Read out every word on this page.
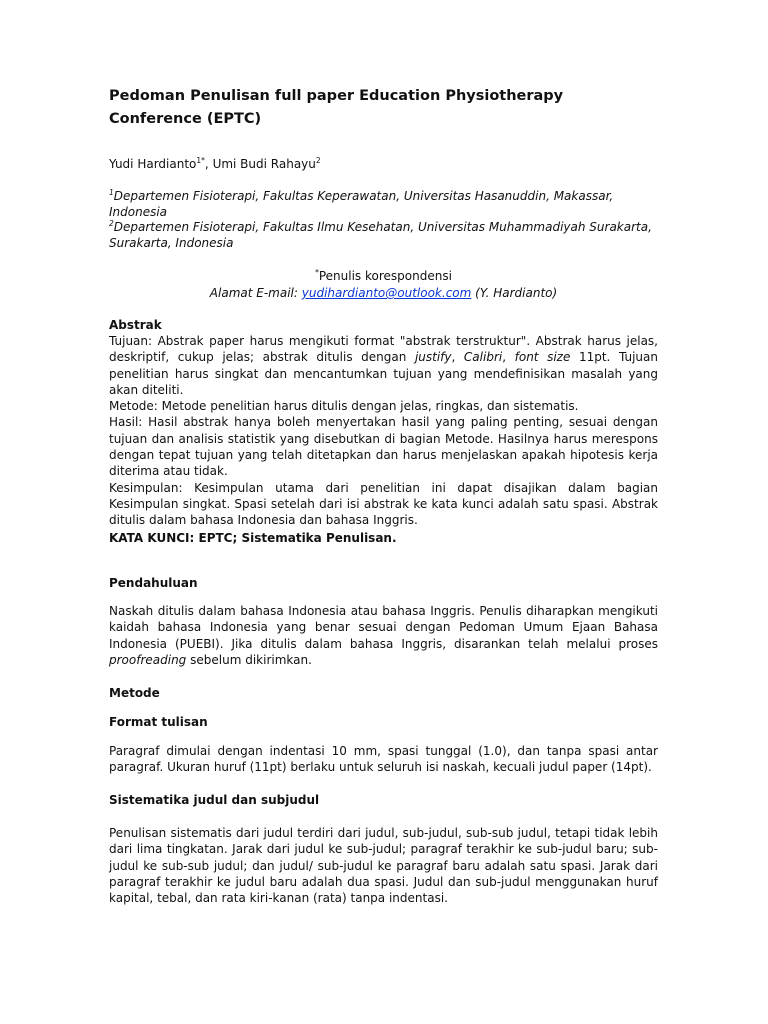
Pedoman Penulisan full paper Education Physiotherapy Conference (EPTC)

Yudi Hardianto$^{1*}$, Umi Budi Rahayu$^2$

$^1$Departemen Fisioterapi, Fakultas Keperawatan, Universitas Hasanuddin, Makassar, Indonesia

$^2$Departemen Fisioterapi, Fakultas Ilmu Kesehatan, Universitas Muhammadiyah Surakarta, Surakarta, Indonesia

*Penulis korespondensi

Alamat E-mail: yudihardianto@outlook.com (Y. Hardianto)

Abstrak

Tujuan: Abstrak paper harus mengikuti format "abstrak terstruktur". Abstrak harus jelas, deskriptif, cukup jelas; abstrak ditulis dengan justify, Calibri, font size 11pt. Tujuan penelitian harus singkat dan mencantumkan tujuan yang mendefinisikan masalah yang akan diteliti.
Metode: Metode penelitian harus ditulis dengan jelas, ringkas, dan sistematis.
Hasil: Hasil abstrak hanya boleh menyertakan hasil yang paling penting, sesuai dengan tujuan dan analisis statistik yang disebutkan di bagian Metode. Hasilnya harus merespons dengan tepat tujuan yang telah ditetapkan dan harus menjelaskan apakah hipotesis kerja diterima atau tidak.
Kesimpulan: Kesimpulan utama dari penelitian ini dapat disajikan dalam bagian Kesimpulan singkat. Spasi setelah dari isi abstrak ke kata kunci adalah satu spasi. Abstrak ditulis dalam bahasa Indonesia dan bahasa Inggris.

KATA KUNCI: EPTC; Sistematika Penulisan.

Pendahuluan

Naskah ditulis dalam bahasa Indonesia atau bahasa Inggris. Penulis diharapkan mengikuti kaidah bahasa Indonesia yang benar sesuai dengan Pedoman Umum Ejaan Bahasa Indonesia (PUEBI). Jika ditulis dalam bahasa Inggris, disarankan telah melalui proses proofreading sebelum dikirimkan.

Metode

Format tulisan

Paragraf dimulai dengan indentasi 10 mm, spasi tunggal (1.0), dan tanpa spasi antar paragraf. Ukuran huruf (11pt) berlaku untuk seluruh isi naskah, kecuali judul paper (14pt).

Sistematika judul dan subjudul

Penulisan sistematis dari judul terdiri dari judul, sub-judul, sub-sub judul, tetapi tidak lebih dari lima tingkatan. Jarak dari judul ke sub-judul; paragraf terakhir ke sub-judul baru; sub-judul ke sub-sub judul; dan judul/ sub-judul ke paragraf baru adalah satu spasi. Jarak dari paragraf terakhir ke judul baru adalah dua spasi. Judul dan sub-judul menggunakan huruf kapital, tebal, dan rata kiri-kanan (rata) tanpa indentasi.
